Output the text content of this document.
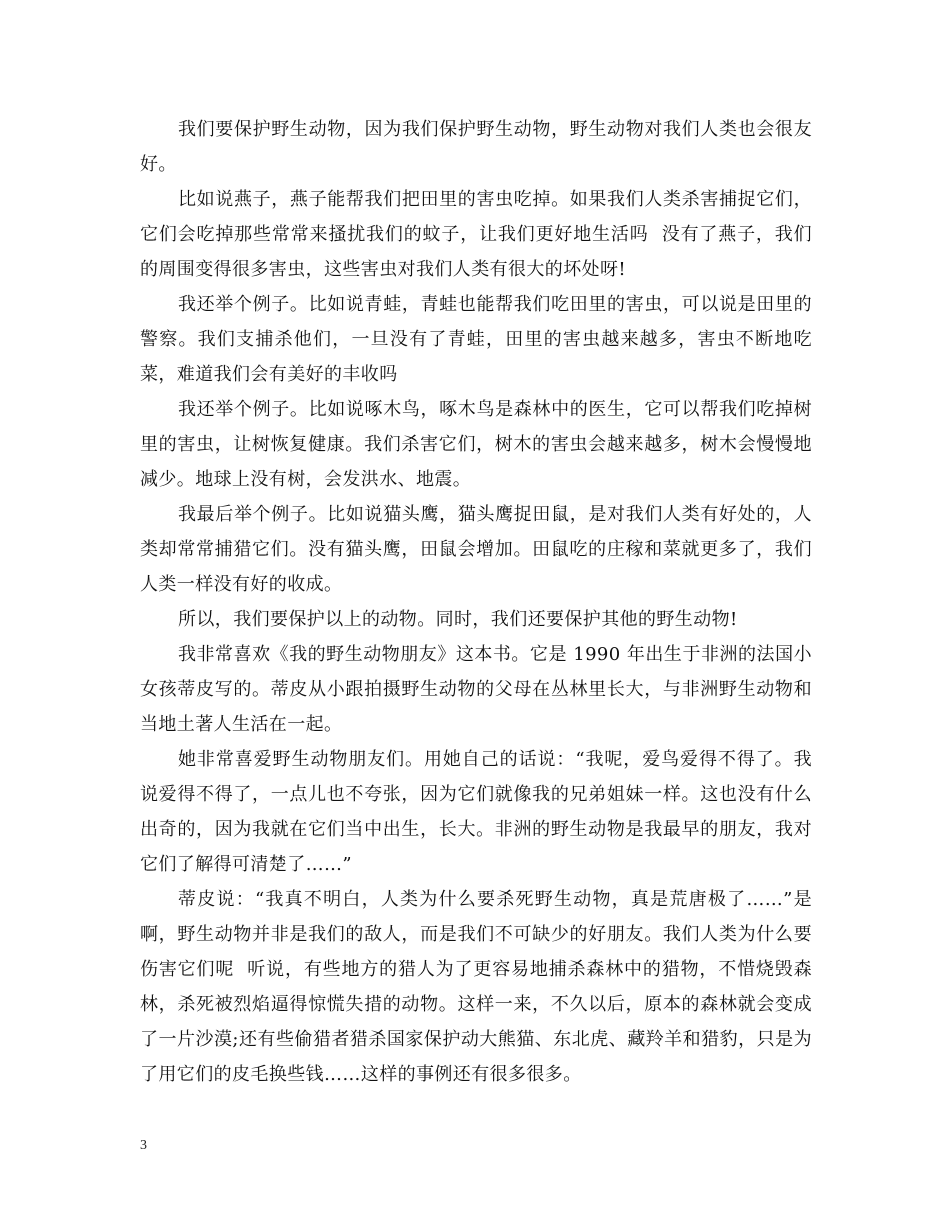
我们要保护野生动物，因为我们保护野生动物，野生动物对我们人类也会很友好。

比如说燕子，燕子能帮我们把田里的害虫吃掉。如果我们人类杀害捕捉它们，它们会吃掉那些常常来搔扰我们的蚊子，让我们更好地生活吗  没有了燕子，我们的周围变得很多害虫，这些害虫对我们人类有很大的坏处呀!

我还举个例子。比如说青蛙，青蛙也能帮我们吃田里的害虫，可以说是田里的警察。我们支捕杀他们，一旦没有了青蛙，田里的害虫越来越多，害虫不断地吃菜，难道我们会有美好的丰收吗

我还举个例子。比如说啄木鸟，啄木鸟是森林中的医生，它可以帮我们吃掉树里的害虫，让树恢复健康。我们杀害它们，树木的害虫会越来越多，树木会慢慢地减少。地球上没有树，会发洪水、地震。

我最后举个例子。比如说猫头鹰，猫头鹰捉田鼠，是对我们人类有好处的，人类却常常捕猎它们。没有猫头鹰，田鼠会增加。田鼠吃的庄稼和菜就更多了，我们人类一样没有好的收成。

所以，我们要保护以上的动物。同时，我们还要保护其他的野生动物!

我非常喜欢《我的野生动物朋友》这本书。它是 1990 年出生于非洲的法国小女孩蒂皮写的。蒂皮从小跟拍摄野生动物的父母在丛林里长大，与非洲野生动物和当地土著人生活在一起。

她非常喜爱野生动物朋友们。用她自己的话说：“我呢，爱鸟爱得不得了。我说爱得不得了，一点儿也不夸张，因为它们就像我的兄弟姐妹一样。这也没有什么出奇的，因为我就在它们当中出生，长大。非洲的野生动物是我最早的朋友，我对它们了解得可清楚了……”

蒂皮说：“我真不明白，人类为什么要杀死野生动物，真是荒唐极了……”是啊，野生动物并非是我们的敌人，而是我们不可缺少的好朋友。我们人类为什么要伤害它们呢  听说，有些地方的猎人为了更容易地捕杀森林中的猎物，不惜烧毁森林，杀死被烈焰逼得惊慌失措的动物。这样一来，不久以后，原本的森林就会变成了一片沙漠;还有些偷猎者猎杀国家保护动大熊猫、东北虎、藏羚羊和猎豹，只是为了用它们的皮毛换些钱……这样的事例还有很多很多。

3
